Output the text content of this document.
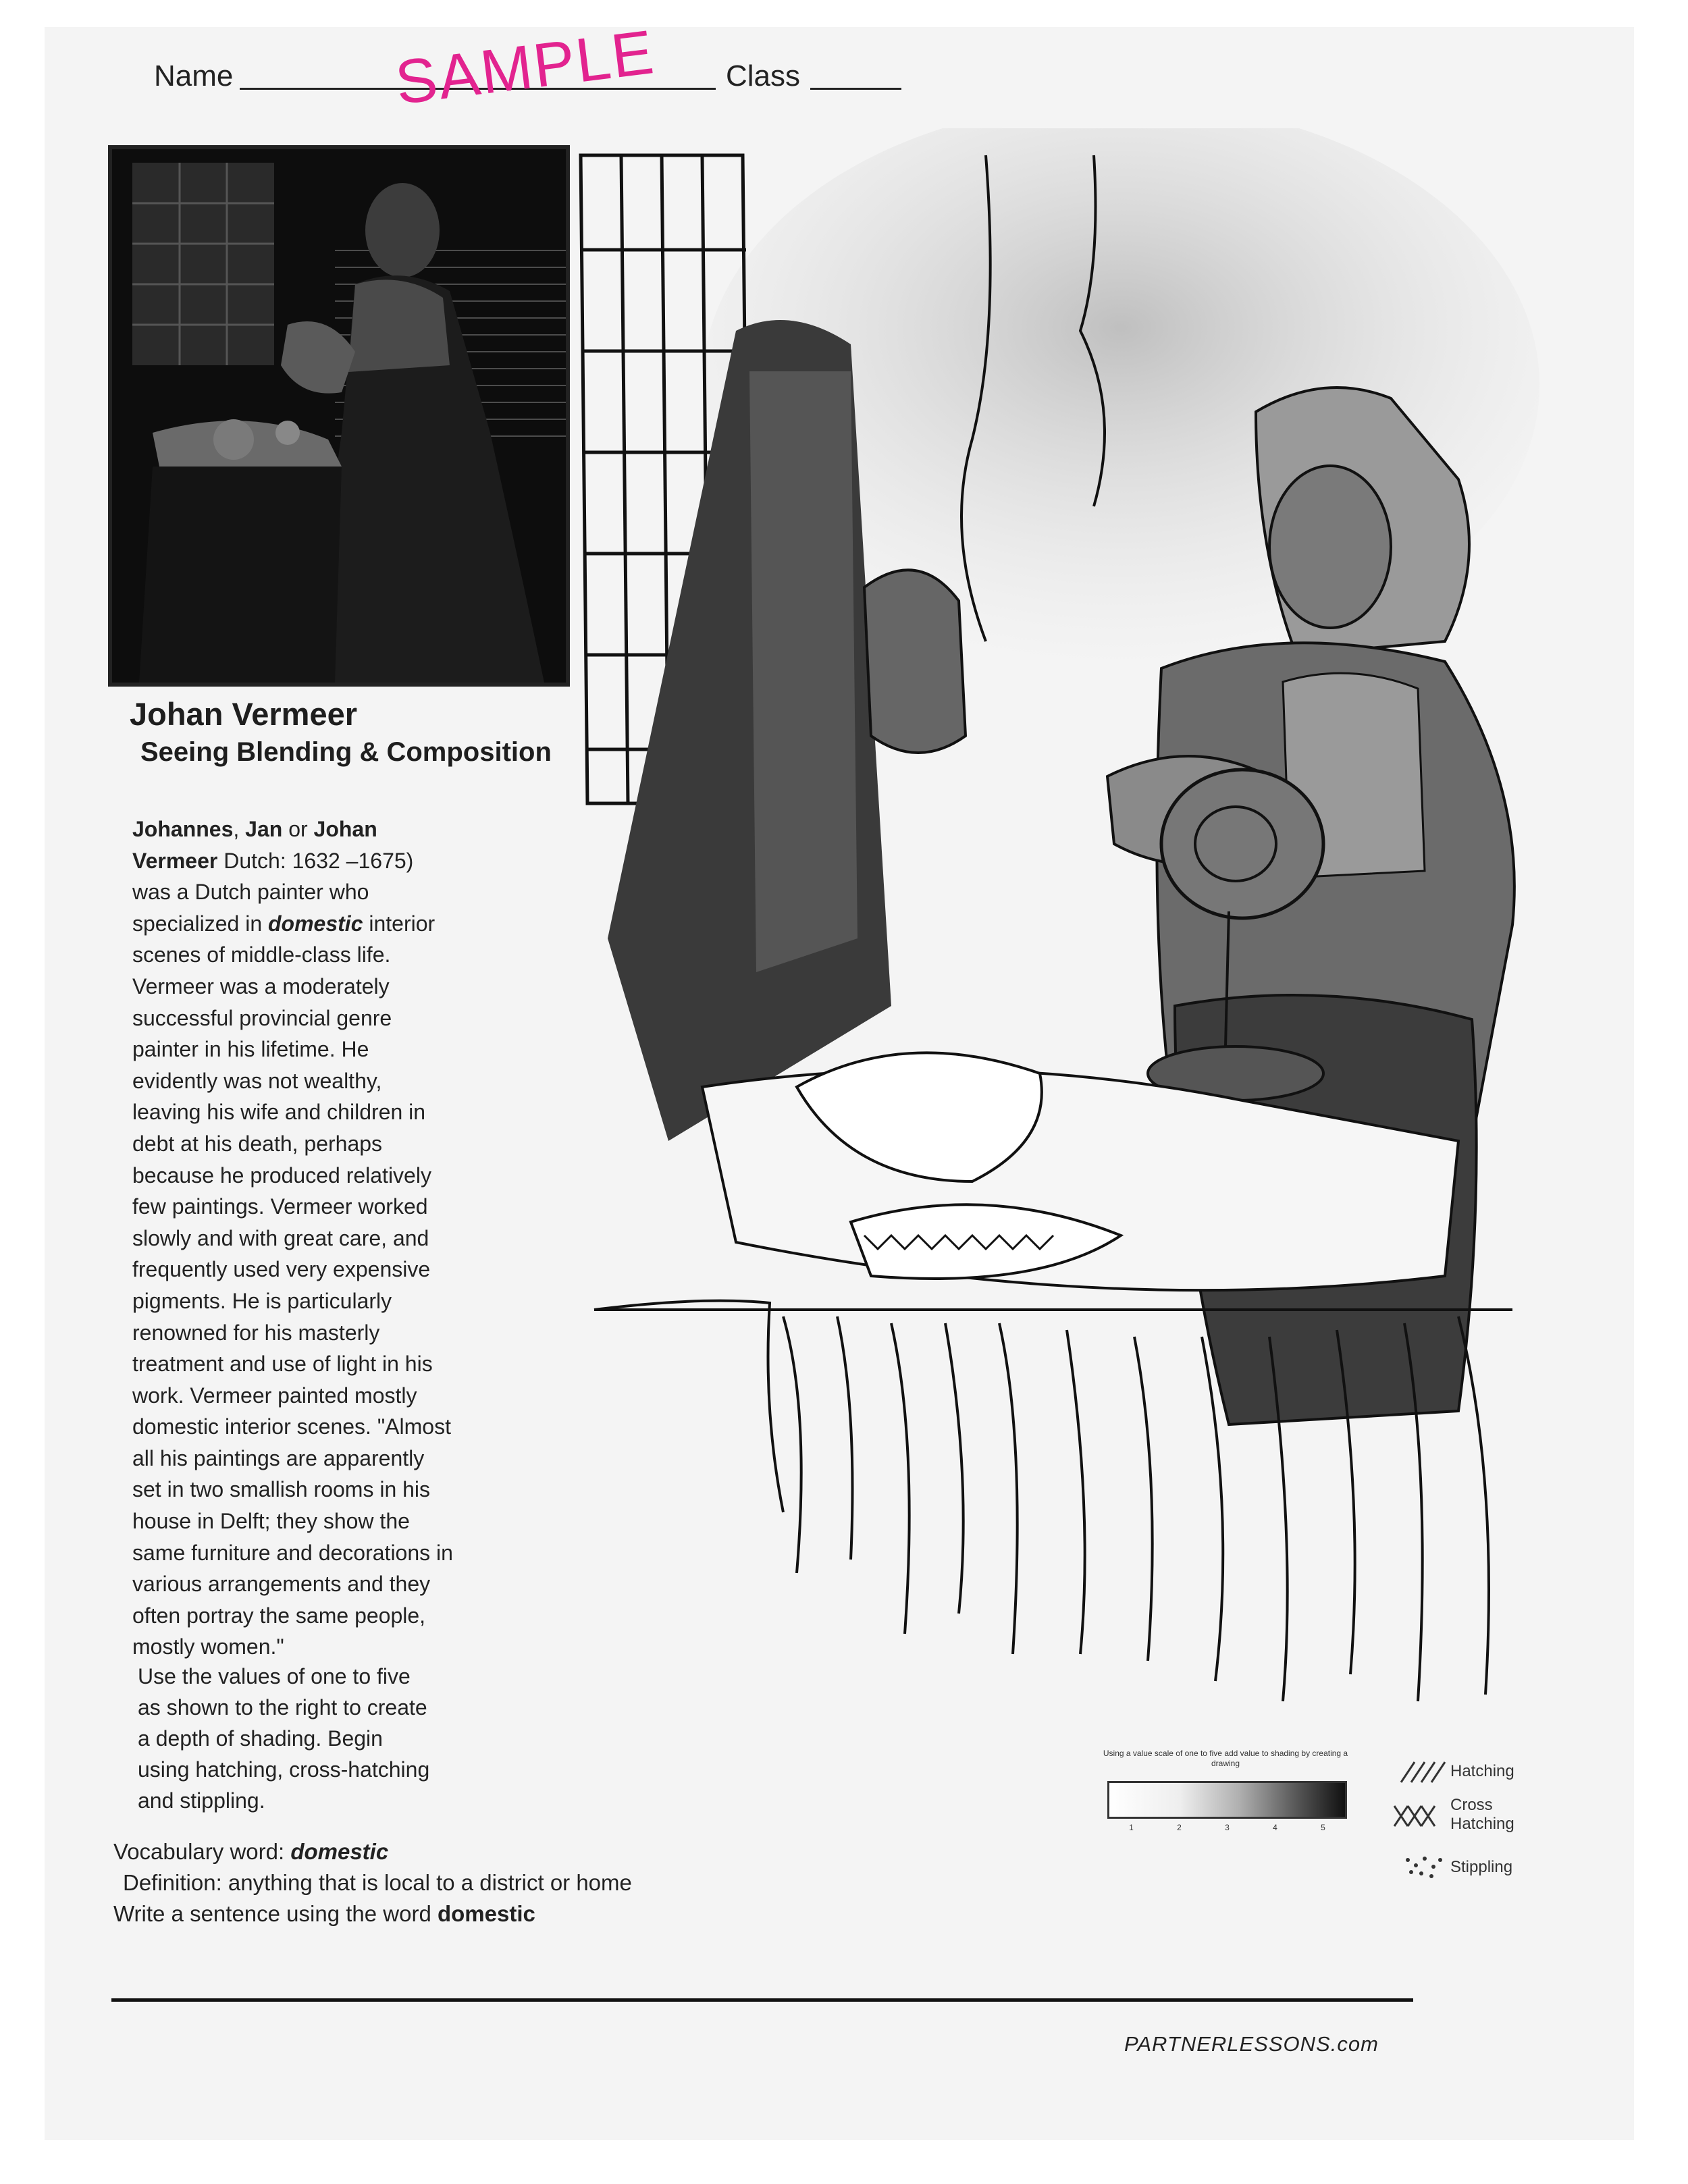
Name	Class
SAMPLE
Johan Vermeer
Seeing Blending & Composition

Johannes, Jan or Johan

Vermeer Dutch: 1632 –1675)

was a Dutch painter who

specialized in domestic interior

scenes of middle-class life.

Vermeer was a moderately

successful provincial genre

painter in his lifetime. He

evidently was not wealthy,

leaving his wife and children in

debt at his death, perhaps

because he produced relatively

few paintings. Vermeer worked

slowly and with great care, and

frequently used very expensive

pigments. He is particularly

renowned for his masterly

treatment and use of light in his

work. Vermeer painted mostly

domestic interior scenes. "Almost

all his paintings are apparently

set in two smallish rooms in his

house in Delft; they show the

same furniture and decorations in

various arrangements and they

often portray the same people,

mostly women."

Use the values of one to five

as shown to the right to create

a depth of shading. Begin

using hatching, cross-hatching

and stippling.

Vocabulary word: domestic

Definition: anything that is local to a district or home

Write a sentence using the word domestic

Using a value scale of one to five add value to shading by creating a drawing
1	2	3	4	5
Hatching
Cross
Hatching
Stippling
PARTNERLESSONS.com
